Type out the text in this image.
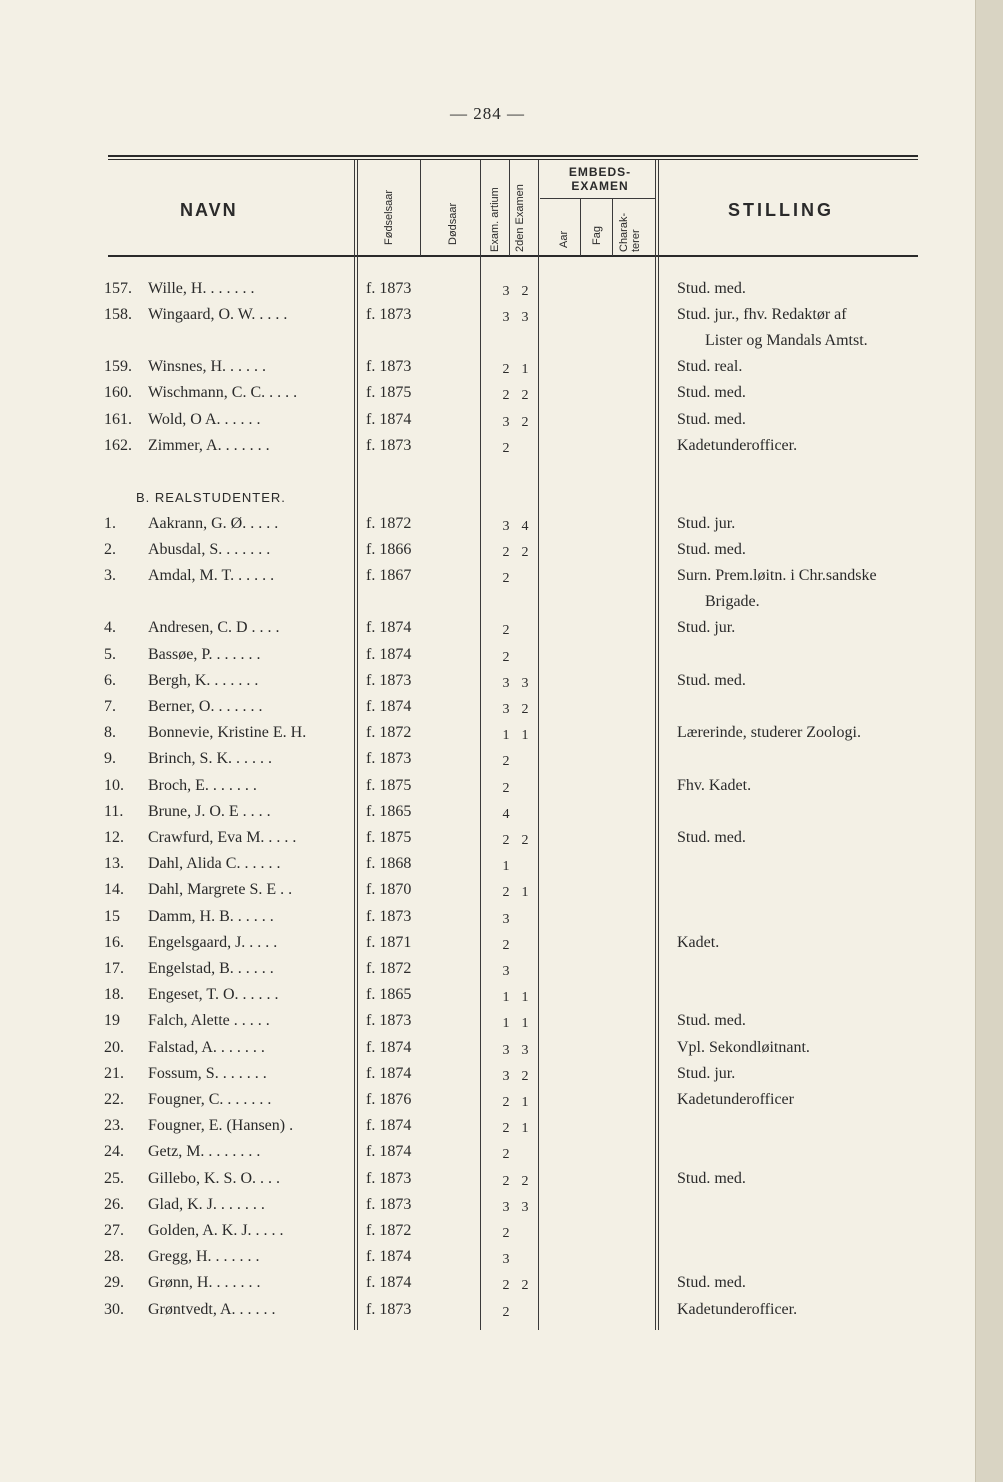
— 284 —
NAVN	STILLING
EMBEDS-
EXAMEN
Fødselsaar	Dødsaar	Exam. artium 2den Examen	Aar Fag Charak- terer
B. REALSTUDENTER.
157.	Wille, H. . . . . . .	f. 1873	3 2	Stud. med.
158.	Wingaard, O. W. . . . .	f. 1873	3 3	Stud. jur., fhv. Redaktør af
Lister og Mandals Amtst.
159.	Winsnes, H. . . . . .	f. 1873	2 1	Stud. real.
160.	Wischmann, C. C. . . . .	f. 1875	2 2	Stud. med.
161.	Wold, O A. . . . . .	f. 1874	3 2	Stud. med.
162.	Zimmer, A. . . . . . .	f. 1873	2	Kadetunderofficer.
1.	Aakrann, G. Ø. . . . .	f. 1872	3 4	Stud. jur.
2.	Abusdal, S. . . . . . .	f. 1866	2 2	Stud. med.
3.	Amdal, M. T. . . . . .	f. 1867	2	Surn. Prem.løitn. i Chr.sandske
Brigade.
4.	Andresen, C. D . . . .	f. 1874	2	Stud. jur.
5.	Bassøe, P. . . . . . .	f. 1874	2
6.	Bergh, K. . . . . . .	f. 1873	3 3	Stud. med.
7.	Berner, O. . . . . . .	f. 1874	3 2
8.	Bonnevie, Kristine E. H.	f. 1872	1 1	Lærerinde, studerer Zoologi.
9.	Brinch, S. K. . . . . .	f. 1873	2
10.	Broch, E. . . . . . .	f. 1875	2	Fhv. Kadet.
11.	Brune, J. O. E . . . .	f. 1865	4
12.	Crawfurd, Eva M. . . . .	f. 1875	2 2	Stud. med.
13.	Dahl, Alida C. . . . . .	f. 1868	1
14.	Dahl, Margrete S. E . .	f. 1870	2 1
15	Damm, H. B. . . . . .	f. 1873	3
16.	Engelsgaard, J. . . . .	f. 1871	2	Kadet.
17.	Engelstad, B. . . . . .	f. 1872	3
18.	Engeset, T. O. . . . . .	f. 1865	1 1
19	Falch, Alette . . . . .	f. 1873	1 1	Stud. med.
20.	Falstad, A. . . . . . .	f. 1874	3 3	Vpl. Sekondløitnant.
21.	Fossum, S. . . . . . .	f. 1874	3 2	Stud. jur.
22.	Fougner, C. . . . . . .	f. 1876	2 1	Kadetunderofficer
23.	Fougner, E. (Hansen) .	f. 1874	2 1
24.	Getz, M. . . . . . . .	f. 1874	2
25.	Gillebo, K. S. O. . . .	f. 1873	2 2	Stud. med.
26.	Glad, K. J. . . . . . .	f. 1873	3 3
27.	Golden, A. K. J. . . . .	f. 1872	2
28.	Gregg, H. . . . . . .	f. 1874	3
29.	Grønn, H. . . . . . .	f. 1874	2 2	Stud. med.
30.	Grøntvedt, A. . . . . .	f. 1873	2	Kadetunderofficer.
